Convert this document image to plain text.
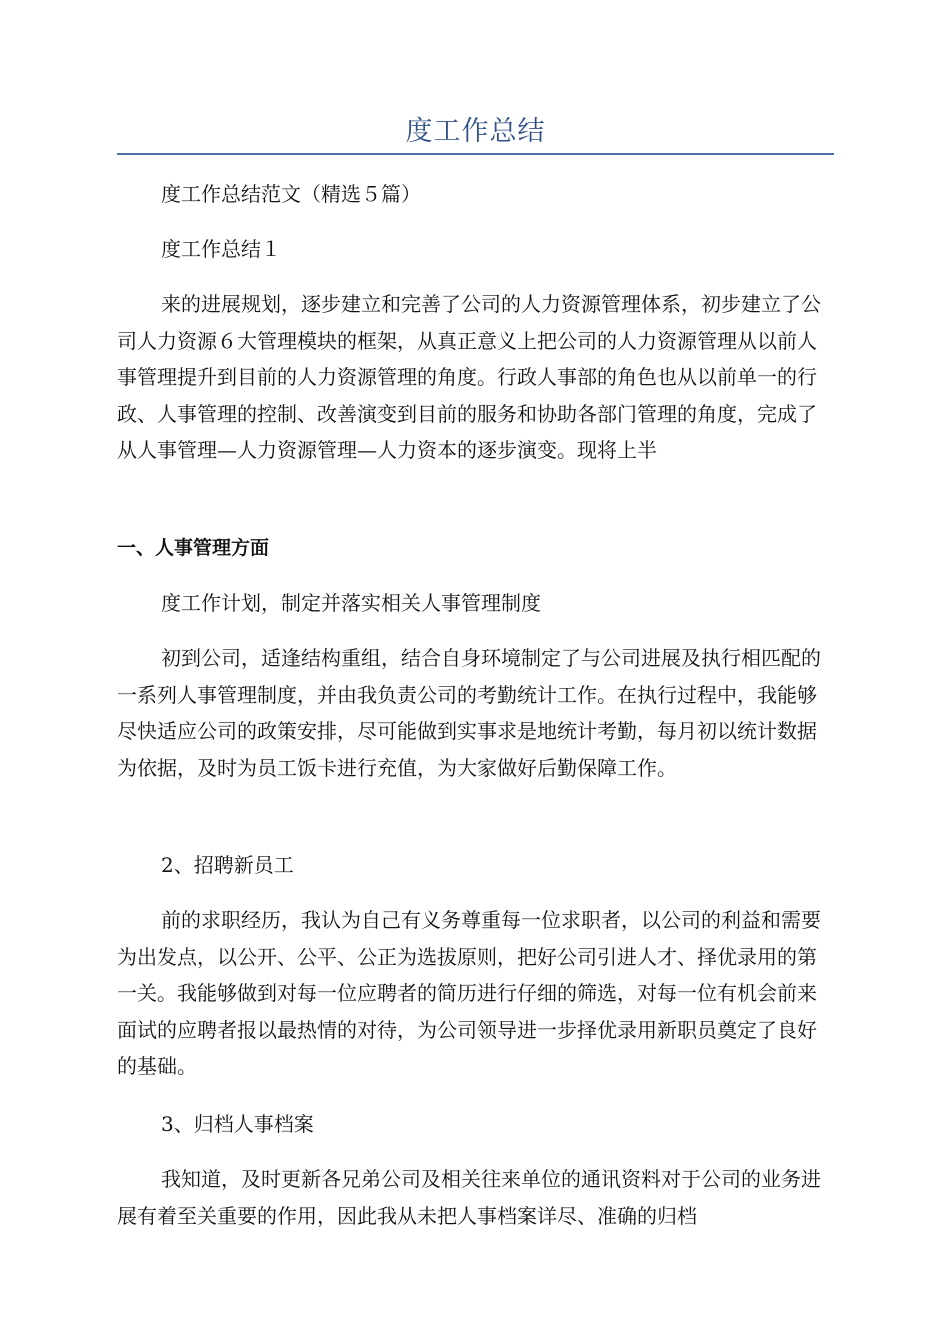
度工作总结

度工作总结范文（精选５篇）

度工作总结１

来的进展规划，逐步建立和完善了公司的人力资源管理体系，初步建立了公司人力资源６大管理模块的框架，从真正意义上把公司的人力资源管理从以前人事管理提升到目前的人力资源管理的角度。行政人事部的角色也从以前单一的行政、人事管理的控制、改善演变到目前的服务和协助各部门管理的角度，完成了从人事管理—人力资源管理—人力资本的逐步演变。现将上半

一、人事管理方面

度工作计划，制定并落实相关人事管理制度

初到公司，适逢结构重组，结合自身环境制定了与公司进展及执行相匹配的一系列人事管理制度，并由我负责公司的考勤统计工作。在执行过程中，我能够尽快适应公司的政策安排，尽可能做到实事求是地统计考勤，每月初以统计数据为依据，及时为员工饭卡进行充值，为大家做好后勤保障工作。

2、招聘新员工

前的求职经历，我认为自己有义务尊重每一位求职者，以公司的利益和需要为出发点，以公开、公平、公正为选拔原则，把好公司引进人才、择优录用的第一关。我能够做到对每一位应聘者的简历进行仔细的筛选，对每一位有机会前来面试的应聘者报以最热情的对待，为公司领导进一步择优录用新职员奠定了良好的基础。

3、归档人事档案

我知道，及时更新各兄弟公司及相关往来单位的通讯资料对于公司的业务进展有着至关重要的作用，因此我从未把人事档案详尽、准确的归档
